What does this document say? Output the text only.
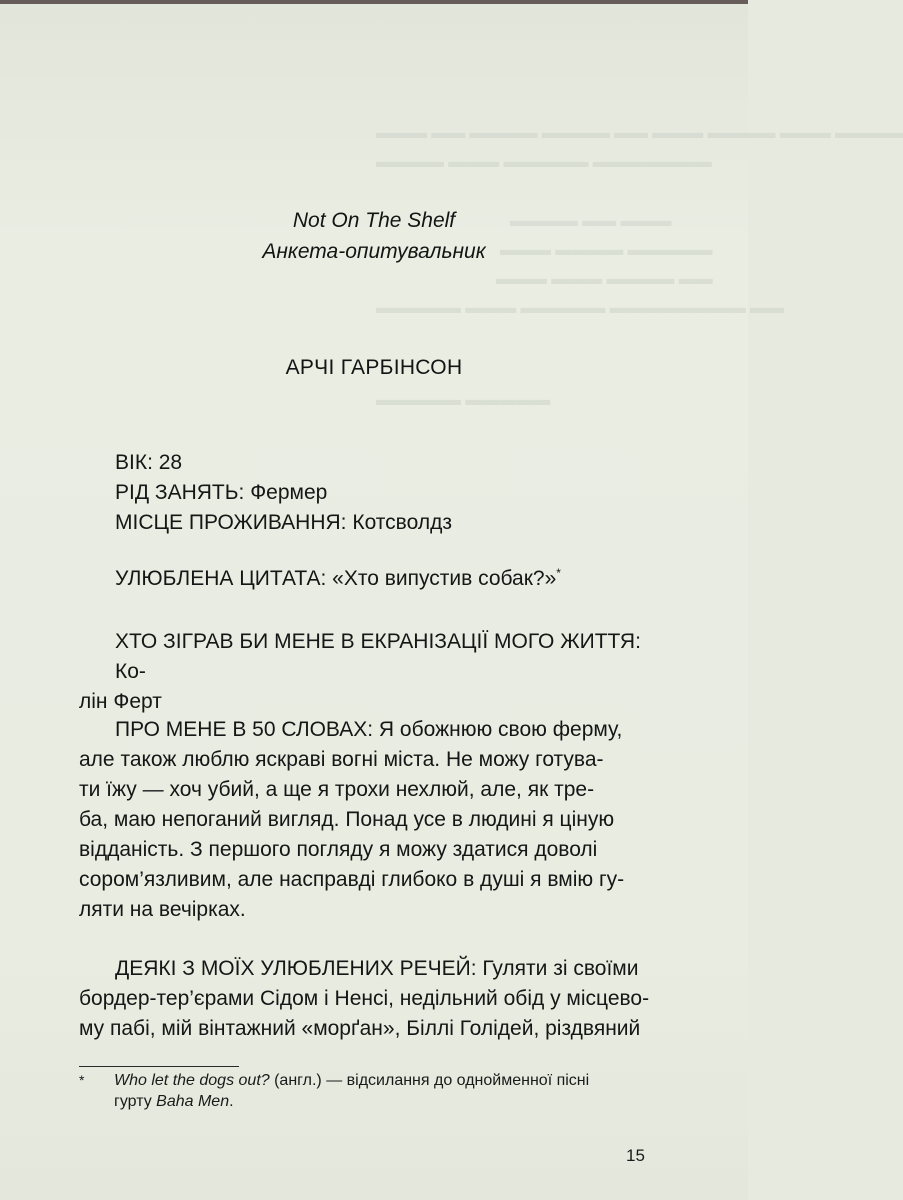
▬▬▬ ▬▬ ▬▬▬▬ ▬▬▬▬ ▬▬ ▬▬▬ ▬▬▬▬ ▬▬▬ ▬▬▬▬
▬▬▬▬ ▬▬▬ ▬▬▬▬▬ ▬▬▬▬▬▬▬
▬▬▬▬ ▬▬ ▬▬▬
▬▬▬ ▬▬▬▬ ▬▬▬▬▬
▬▬▬ ▬▬▬ ▬▬▬▬ ▬▬
▬▬▬▬▬ ▬▬▬ ▬▬▬▬▬ ▬▬▬▬▬▬▬▬ ▬▬
▬▬▬▬▬ ▬▬▬▬▬
Not On The Shelf
Анкета-опитувальник
АРЧІ ГАРБІНСОН
ВІК: 28
РІД ЗАНЯТЬ: Фермер
МІСЦЕ ПРОЖИВАННЯ: Котсволдз
УЛЮБЛЕНА ЦИТАТА: «Хто випустив собак?»*
ХТО ЗІГРАВ БИ МЕНЕ В ЕКРАНІЗАЦІЇ МОГО ЖИТТЯ: Ко-
лін Ферт
ПРО МЕНЕ В 50 СЛОВАХ: Я обожнюю свою ферму,
але також люблю яскраві вогні міста. Не можу готува-
ти їжу — хоч убий, а ще я трохи нехлюй, але, як тре-
ба, маю непоганий вигляд. Понад усе в людині я ціную
відданість. З першого погляду я можу здатися доволі
сором’язливим, але насправді глибоко в душі я вмію гу-
ляти на вечірках.
ДЕЯКІ З МОЇХ УЛЮБЛЕНИХ РЕЧЕЙ: Гуляти зі своїми
бордер-тер’єрами Сідом і Ненсі, недільний обід у місцево-
му пабі, мій вінтажний «морґан», Біллі Голідей, різдвяний
*	Who let the dogs out? (англ.) — відсилання до однойменної пісні
гурту Baha Men.
15
